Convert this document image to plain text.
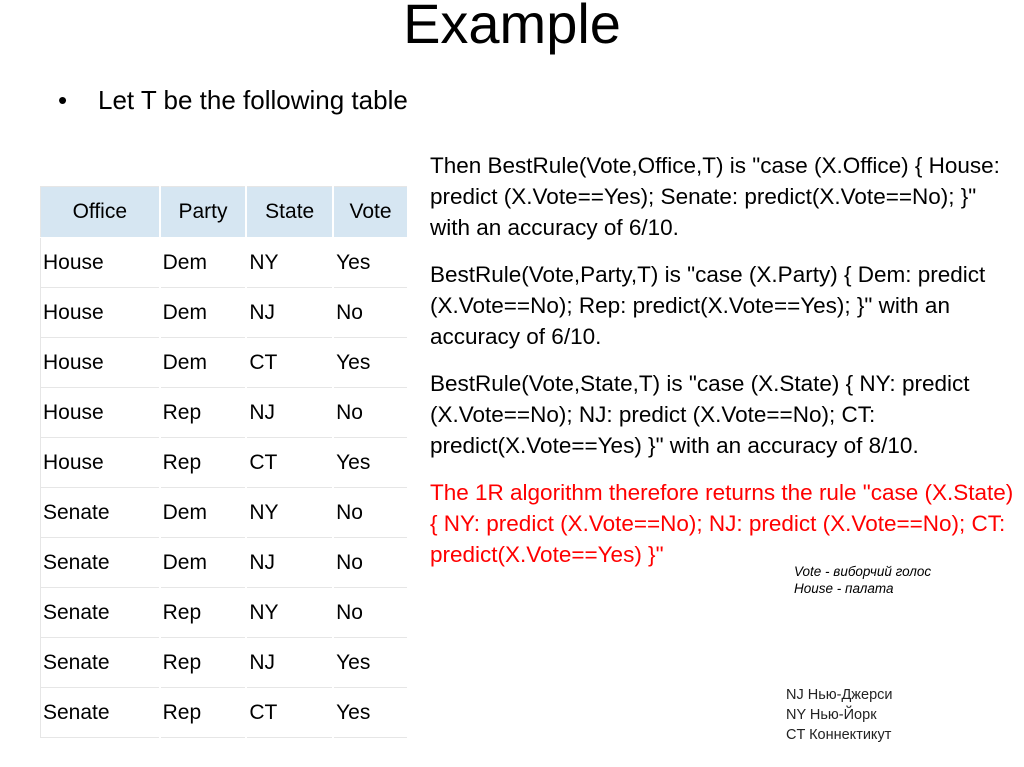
Example
• Let T be the following table
Office	Party	State	Vote
House	Dem	NY	Yes
House	Dem	NJ	No
House	Dem	CT	Yes
House	Rep	NJ	No
House	Rep	CT	Yes
Senate	Dem	NY	No
Senate	Dem	NJ	No
Senate	Rep	NY	No
Senate	Rep	NJ	Yes
Senate	Rep	CT	Yes

Then BestRule(Vote,Office,T) is "case (X.Office) { House: predict (X.Vote==Yes); Senate: predict(X.Vote==No); }" with an accuracy of 6/10.

BestRule(Vote,Party,T) is "case (X.Party) { Dem: predict (X.Vote==No); Rep: predict(X.Vote==Yes); }" with an accuracy of 6/10.

BestRule(Vote,State,T) is "case (X.State) { NY: predict (X.Vote==No); NJ: predict (X.Vote==No); CT: predict(X.Vote==Yes) }" with an accuracy of 8/10.

The 1R algorithm therefore returns the rule "case (X.State) { NY: predict (X.Vote==No); NJ: predict (X.Vote==No); CT: predict(X.Vote==Yes) }"

Vote - виборчий голос
House - палата
NJ Нью-Джерси
NY Нью-Йорк
CT Коннектикут
